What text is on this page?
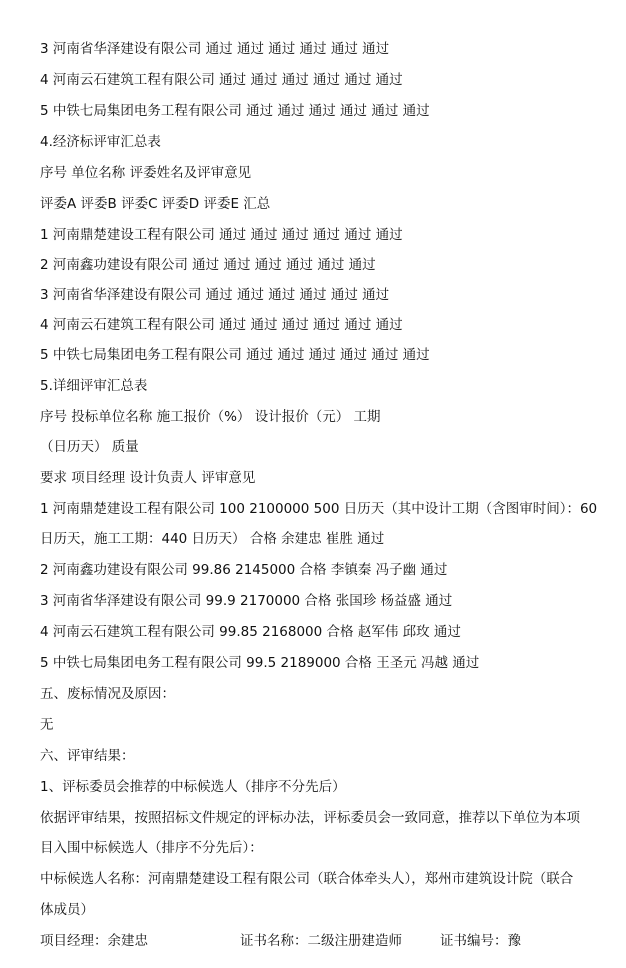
3 河南省华泽建设有限公司 通过 通过 通过 通过 通过 通过
4 河南云石建筑工程有限公司 通过 通过 通过 通过 通过 通过
5 中铁七局集团电务工程有限公司 通过 通过 通过 通过 通过 通过
4.经济标评审汇总表
序号 单位名称 评委姓名及评审意见
评委A 评委B 评委C 评委D 评委E 汇总
1 河南鼎楚建设工程有限公司 通过 通过 通过 通过 通过 通过
2 河南鑫功建设有限公司 通过 通过 通过 通过 通过 通过
3 河南省华泽建设有限公司 通过 通过 通过 通过 通过 通过
4 河南云石建筑工程有限公司 通过 通过 通过 通过 通过 通过
5 中铁七局集团电务工程有限公司 通过 通过 通过 通过 通过 通过
5.详细评审汇总表
序号 投标单位名称 施工报价（%） 设计报价（元） 工期
（日历天） 质量
要求 项目经理 设计负责人 评审意见
1 河南鼎楚建设工程有限公司 100 2100000 500 日历天（其中设计工期（含图审时间）：60
日历天，施工工期：440 日历天） 合格 余建忠 崔胜 通过
2 河南鑫功建设有限公司 99.86 2145000 合格 李镇秦 冯子幽 通过
3 河南省华泽建设有限公司 99.9 2170000 合格 张国珍 杨益盛 通过
4 河南云石建筑工程有限公司 99.85 2168000 合格 赵军伟 邱玫 通过
5 中铁七局集团电务工程有限公司 99.5 2189000 合格 王圣元 冯越 通过
五、废标情况及原因：
无
六、评审结果：
1、评标委员会推荐的中标候选人（排序不分先后）
依据评审结果，按照招标文件规定的评标办法，评标委员会一致同意，推荐以下单位为本项
目入围中标候选人（排序不分先后）：
中标候选人名称：河南鼎楚建设工程有限公司（联合体牵头人），郑州市建筑设计院（联合
体成员）
项目经理：余建忠	证书名称：二级注册建造师	证书编号：豫
